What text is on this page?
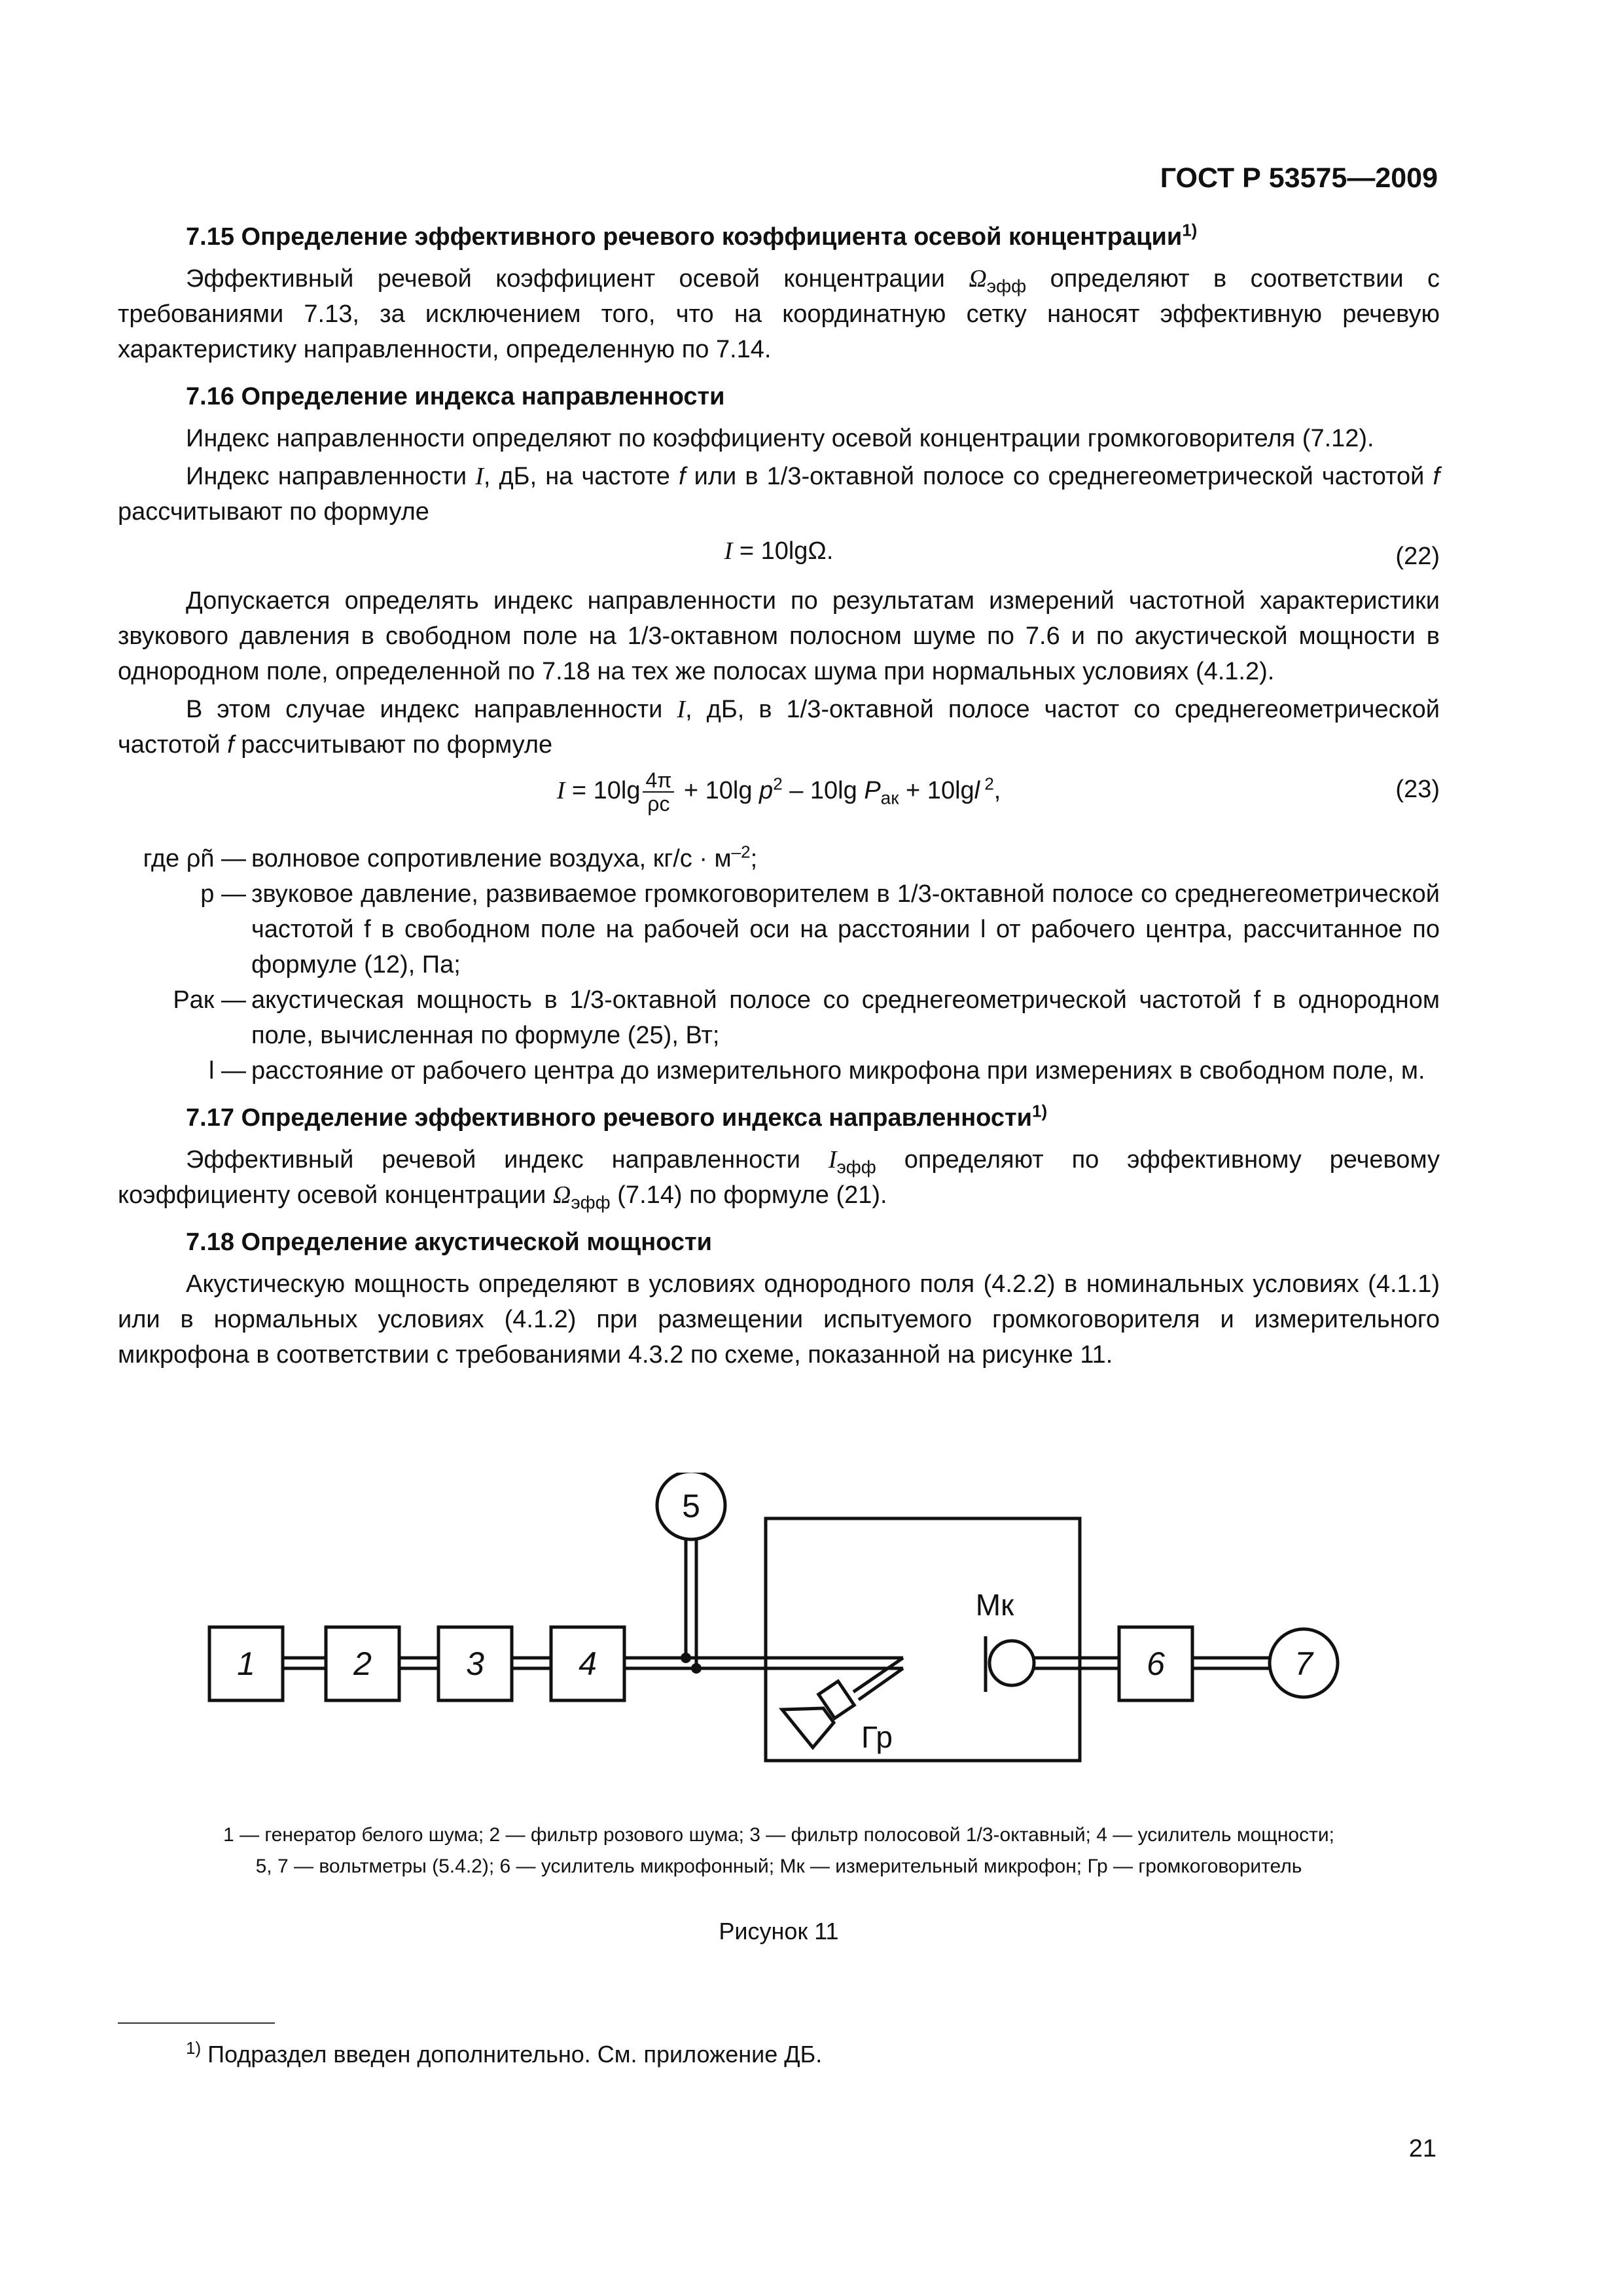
ГОСТ Р 53575—2009
7.15 Определение эффективного речевого коэффициента осевой концентрации$^{1)}$
Эффективный речевой коэффициент осевой концентрации $\Omega_{эфф}$ определяют в соответствии с требованиями 7.13, за исключением того, что на координатную сетку наносят эффективную речевую характеристику направленности, определенную по 7.14.
7.16 Определение индекса направленности
Индекс направленности определяют по коэффициенту осевой концентрации громкоговорителя (7.12).
Индекс направленности I, дБ, на частоте f или в 1/3-октавной полосе со среднегеометрической частотой f рассчитывают по формуле
I = 10lgΩ.	(22)
Допускается определять индекс направленности по результатам измерений частотной характеристики звукового давления в свободном поле на 1/3-октавном полосном шуме по 7.6 и по акустической мощности в однородном поле, определенной по 7.18 на тех же полосах шума при нормальных условиях (4.1.2).
В этом случае индекс направленности I, дБ, в 1/3-октавной полосе частот со среднегеометрической частотой f рассчитывают по формуле
$I = 10\lg \frac{4\pi}{\rho c} + 10\lg$ $p^2 - 10\lg$ $P_{ак} + 10\lg l$ $^2$,	(23)
где ρñ — волновое сопротивление воздуха, $кг/с \cdot м^{-2}$;
p — звуковое давление, развиваемое громкоговорителем в 1/3-октавной полосе со среднегеометрической частотой f в свободном поле на рабочей оси на расстоянии l от рабочего центра, рассчитанное по формуле (12), Па;
Pак — акустическая мощность в 1/3-октавной полосе со среднегеометрической частотой f в однородном поле, вычисленная по формуле (25), Вт;
l — расстояние от рабочего центра до измерительного микрофона при измерениях в свободном поле, м.
7.17 Определение эффективного речевого индекса направленности$^{1)}$
Эффективный речевой индекс направленности $I_{эфф}$ определяют по эффективному речевому коэффициенту осевой концентрации $\Omega_{эфф}$ (7.14) по формуле (21).
7.18 Определение акустической мощности
Акустическую мощность определяют в условиях однородного поля (4.2.2) в номинальных условиях (4.1.1) или в нормальных условиях (4.1.2) при размещении испытуемого громкоговорителя и измерительного микрофона в соответствии с требованиями 4.3.2 по схеме, показанной на рисунке 11.
1	2	3	4	6	7
5
Мк
Гр
1 — генератор белого шума; 2 — фильтр розового шума; 3 — фильтр полосовой 1/3-октавный; 4 — усилитель мощности;
5, 7 — вольтметры (5.4.2); 6 — усилитель микрофонный; Мк — измерительный микрофон; Гр — громкоговоритель
Рисунок 11
$^{1)}$ Подраздел введен дополнительно. См. приложение ДБ.
21
